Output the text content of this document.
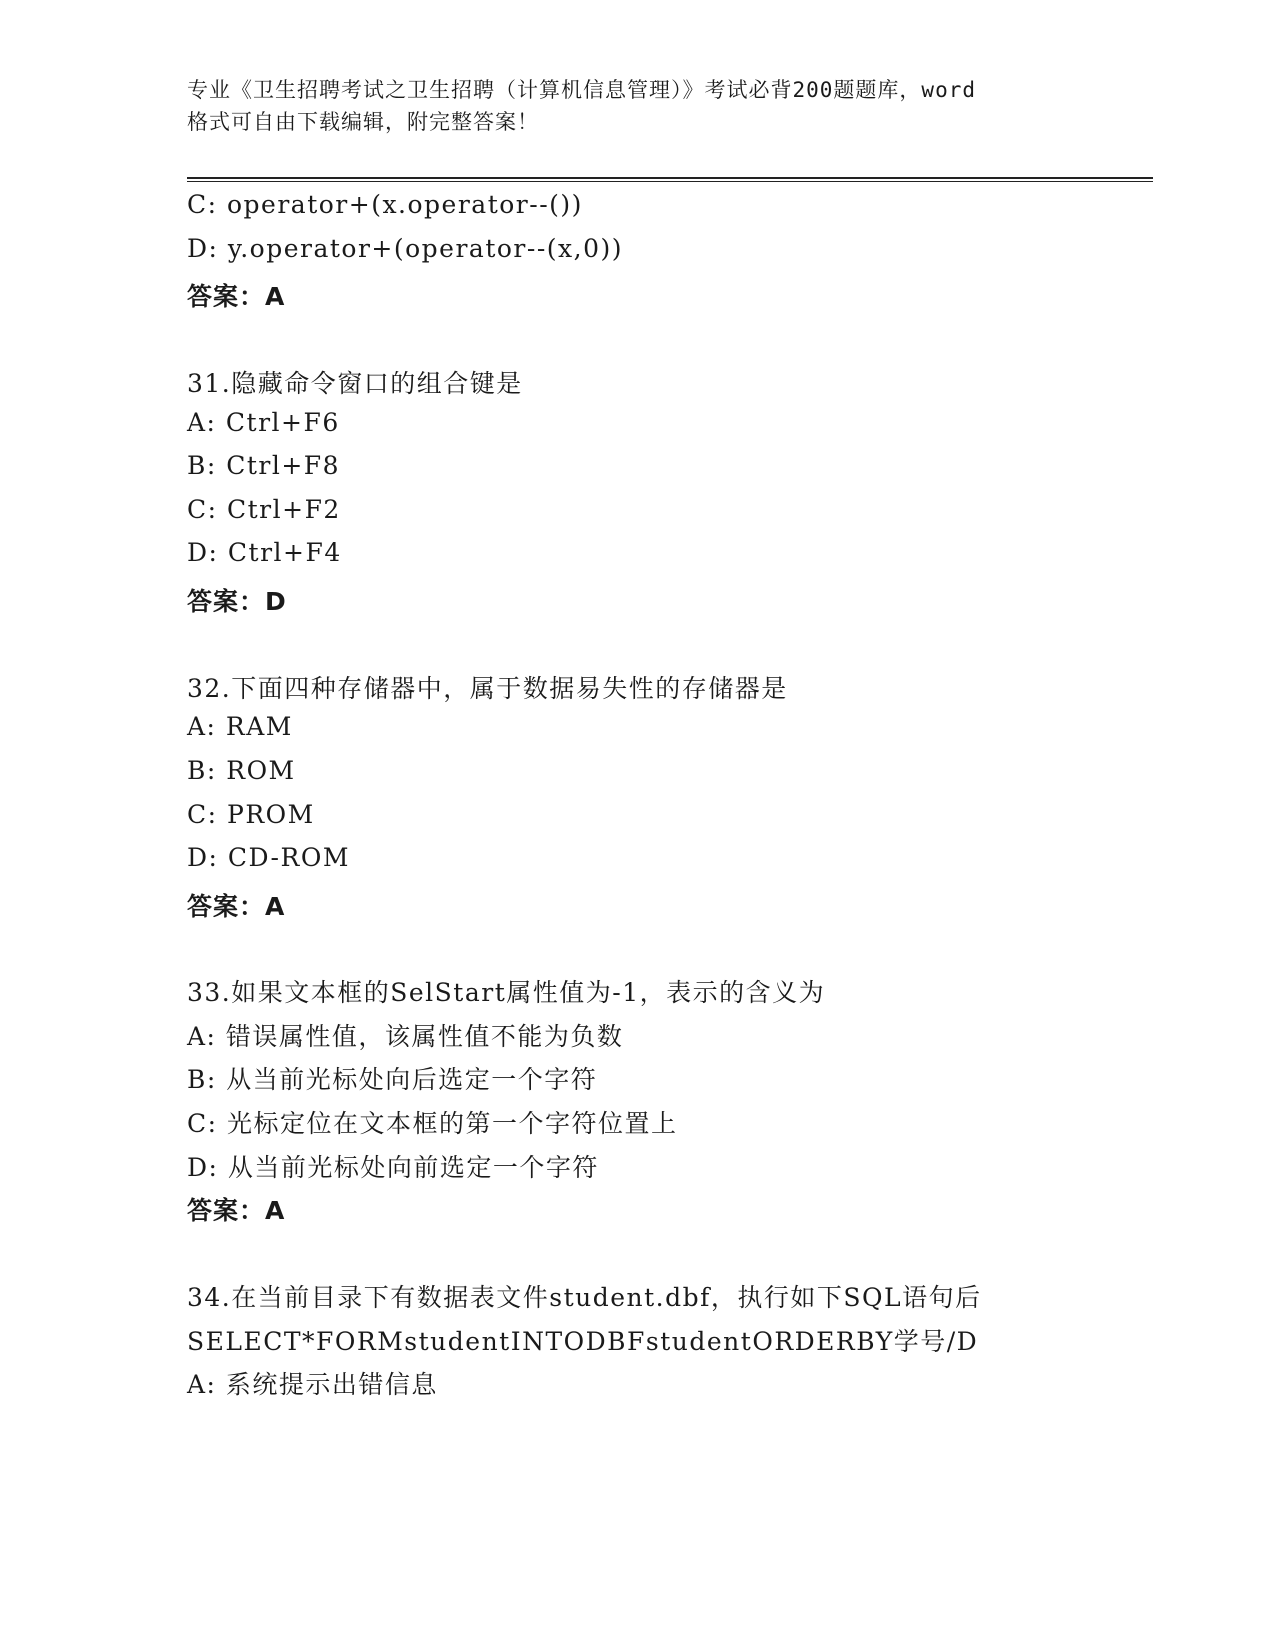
专业《卫生招聘考试之卫生招聘（计算机信息管理）》考试必背200题题库，word
格式可自由下载编辑，附完整答案！
C: operator+(x.operator--())
D: y.operator+(operator--(x,0))
答案：A
31.隐藏命令窗口的组合键是
A: Ctrl+F6
B: Ctrl+F8
C: Ctrl+F2
D: Ctrl+F4
答案：D
32.下面四种存储器中，属于数据易失性的存储器是
A: RAM
B: ROM
C: PROM
D: CD-ROM
答案：A
33.如果文本框的SelStart属性值为-1，表示的含义为
A: 错误属性值，该属性值不能为负数
B: 从当前光标处向后选定一个字符
C: 光标定位在文本框的第一个字符位置上
D: 从当前光标处向前选定一个字符
答案：A
34.在当前目录下有数据表文件student.dbf，执行如下SQL语句后
SELECT*FORMstudentINTODBFstudentORDERBY学号/D
A: 系统提示出错信息
